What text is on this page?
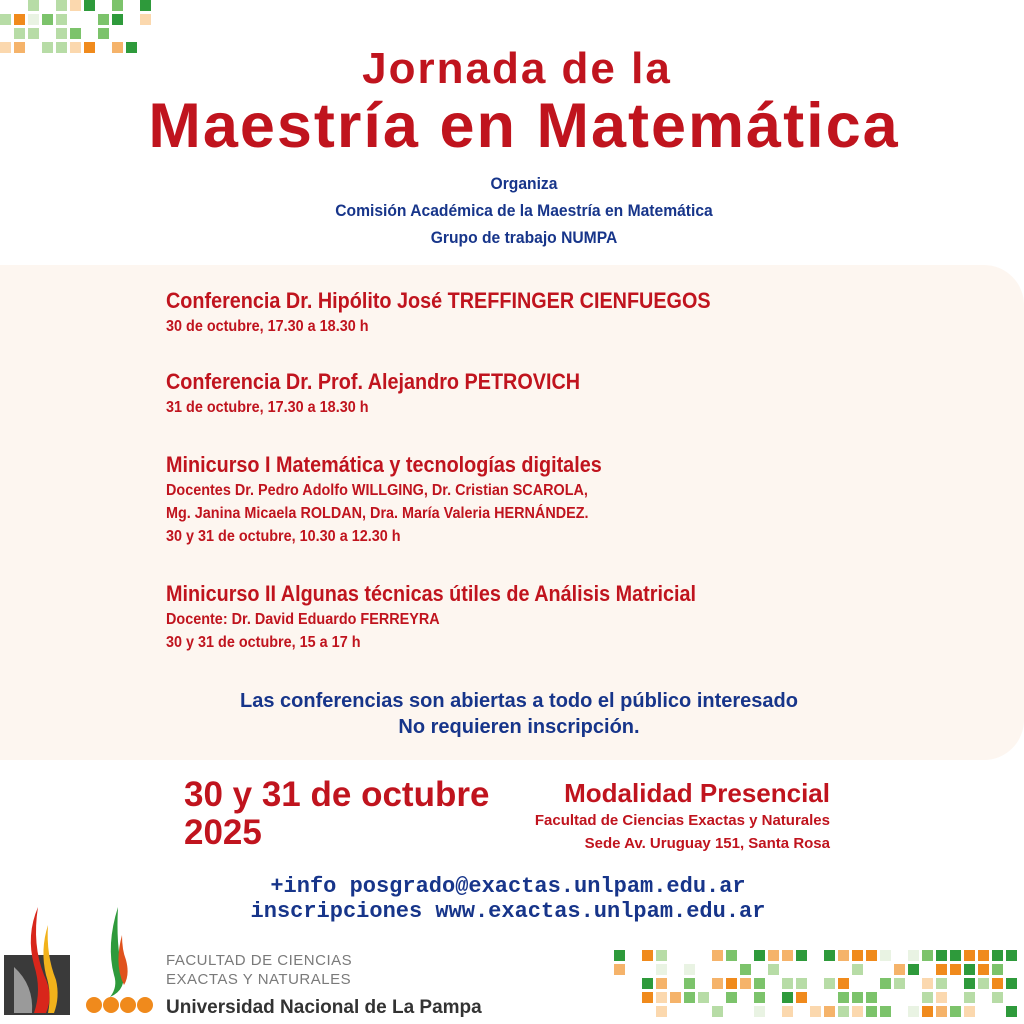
Jornada de la
Maestría en Matemática
Organiza
Comisión Académica de la Maestría en Matemática
Grupo de trabajo NUMPA
Conferencia Dr. Hipólito José TREFFINGER CIENFUEGOS
30 de octubre, 17.30 a 18.30 h
Conferencia Dr. Prof. Alejandro PETROVICH
31 de octubre, 17.30 a 18.30 h
Minicurso I Matemática y tecnologías digitales
Docentes Dr. Pedro Adolfo WILLGING, Dr. Cristian SCAROLA,
Mg. Janina Micaela ROLDAN, Dra. María Valeria HERNÁNDEZ.
30 y 31 de octubre, 10.30 a 12.30 h
Minicurso II Algunas técnicas útiles de Análisis Matricial
Docente: Dr. David Eduardo FERREYRA
30 y 31 de octubre, 15 a 17 h
Las conferencias son abiertas a todo el público interesado
No requieren inscripción.
30 y 31 de octubre
2025
Modalidad Presencial
Facultad de Ciencias Exactas y Naturales
Sede Av. Uruguay 151, Santa Rosa
+info posgrado@exactas.unlpam.edu.ar
inscripciones www.exactas.unlpam.edu.ar
FACULTAD DE CIENCIAS
EXACTAS Y NATURALES
Universidad Nacional de La Pampa
